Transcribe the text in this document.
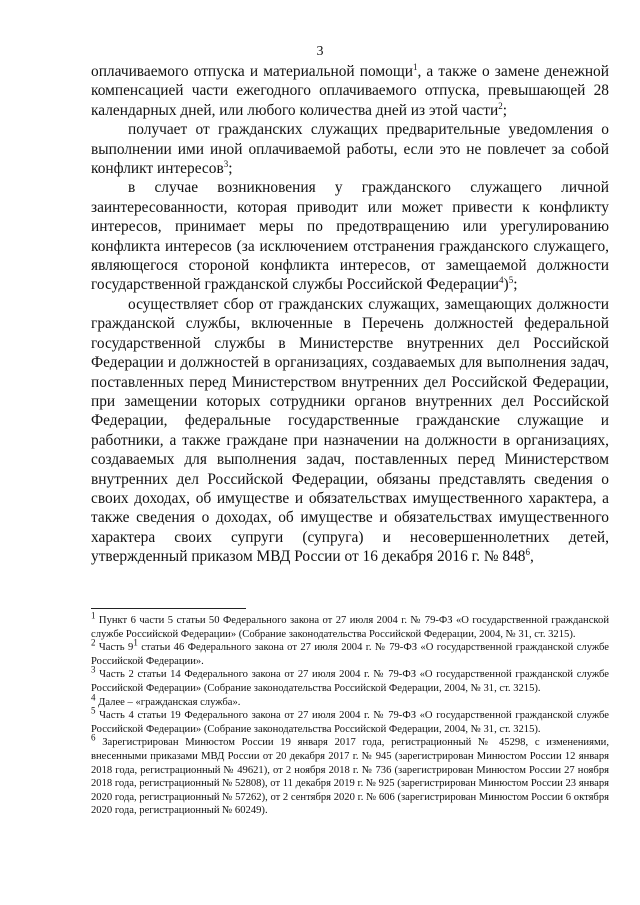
3

оплачиваемого отпуска и материальной помощи$^1$, а также о замене денежной компенсацией части ежегодного оплачиваемого отпуска, превышающей 28 календарных дней, или любого количества дней из этой части$^2$;

получает от гражданских служащих предварительные уведомления о выполнении ими иной оплачиваемой работы, если это не повлечет за собой конфликт интересов$^3$;

в случае возникновения у гражданского служащего личной заинтересованности, которая приводит или может привести к конфликту интересов, принимает меры по предотвращению или урегулированию конфликта интересов (за исключением отстранения гражданского служащего, являющегося стороной конфликта интересов, от замещаемой должности государственной гражданской службы Российской Федерации$^4$)$^5$;

осуществляет сбор от гражданских служащих, замещающих должности гражданской службы, включенные в Перечень должностей федеральной государственной службы в Министерстве внутренних дел Российской Федерации и должностей в организациях, создаваемых для выполнения задач, поставленных перед Министерством внутренних дел Российской Федерации, при замещении которых сотрудники органов внутренних дел Российской Федерации, федеральные государственные гражданские служащие и работники, а также граждане при назначении на должности в организациях, создаваемых для выполнения задач, поставленных перед Министерством внутренних дел Российской Федерации, обязаны представлять сведения о своих доходах, об имуществе и обязательствах имущественного характера, а также сведения о доходах, об имуществе и обязательствах имущественного характера своих супруги (супруга) и несовершеннолетних детей, утвержденный приказом МВД России от 16 декабря 2016 г. № $848^6$,

$^1$ Пункт 6 части 5 статьи 50 Федерального закона от 27 июля 2004 г. № 79-ФЗ «О государственной гражданской службе Российской Федерации» (Собрание законодательства Российской Федерации, 2004, № 31, ст. 3215).

$^2$ Часть $9^1$ статьи 46 Федерального закона от 27 июля 2004 г. № 79-ФЗ «О государственной гражданской службе Российской Федерации».

$^3$ Часть 2 статьи 14 Федерального закона от 27 июля 2004 г. № 79-ФЗ «О государственной гражданской службе Российской Федерации» (Собрание законодательства Российской Федерации, 2004, № 31, ст. 3215).

$^4$ Далее – «гражданская служба».

$^5$ Часть 4 статьи 19 Федерального закона от 27 июля 2004 г. № 79-ФЗ «О государственной гражданской службе Российской Федерации» (Собрание законодательства Российской Федерации, 2004, № 31, ст. 3215).

$^6$ Зарегистрирован Минюстом России 19 января 2017 года, регистрационный № 45298, с изменениями, внесенными приказами МВД России от 20 декабря 2017 г. № 945 (зарегистрирован Минюстом России 12 января 2018 года, регистрационный № 49621), от 2 ноября 2018 г. № 736 (зарегистрирован Минюстом России 27 ноября 2018 года, регистрационный № 52808), от 11 декабря 2019 г. № 925 (зарегистрирован Минюстом России 23 января 2020 года, регистрационный № 57262), от 2 сентября 2020 г. № 606 (зарегистрирован Минюстом России 6 октября 2020 года, регистрационный № 60249).
